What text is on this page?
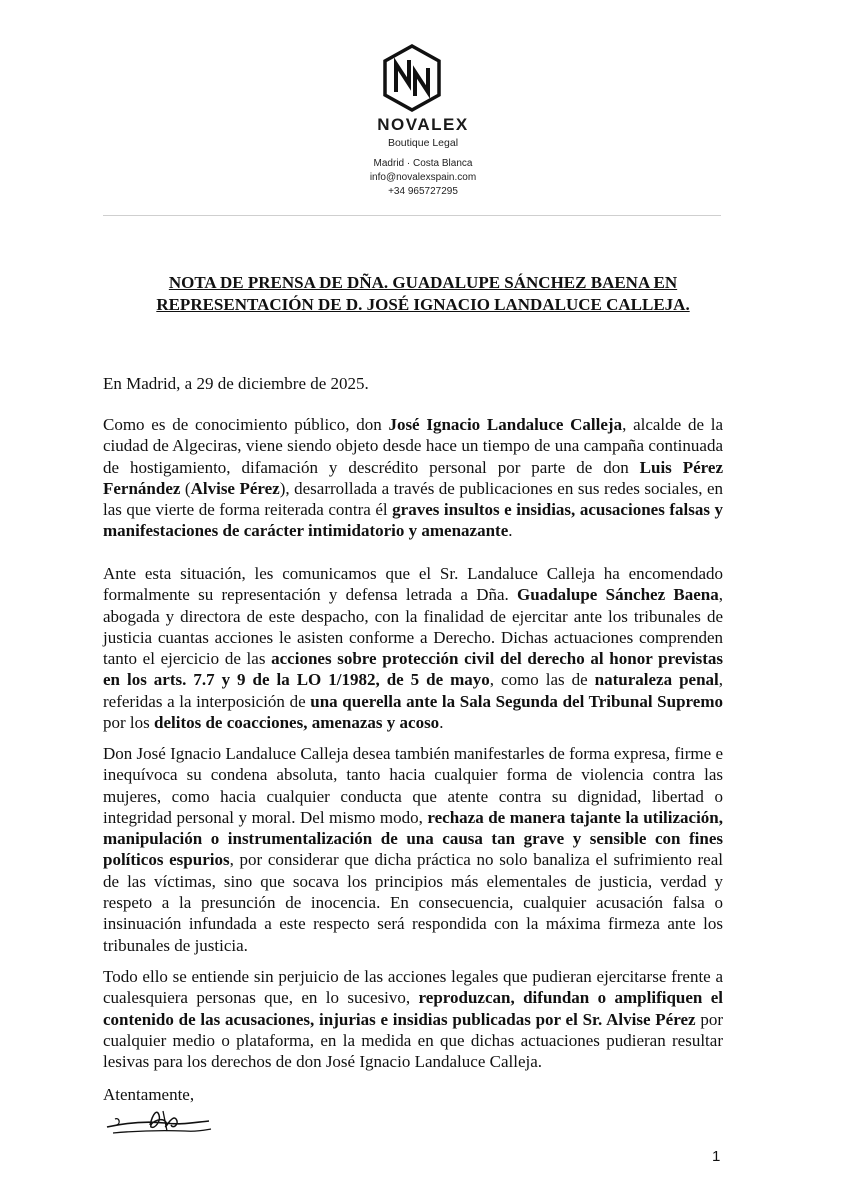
NOVALEX
Boutique Legal
Madrid · Costa Blanca
info@novalexspain.com
+34 965727295
NOTA DE PRENSA DE DÑA. GUADALUPE SÁNCHEZ BAENA EN
REPRESENTACIÓN DE D. JOSÉ IGNACIO LANDALUCE CALLEJA.
En Madrid, a 29 de diciembre de 2025.

Como es de conocimiento público, don José Ignacio Landaluce Calleja, alcalde de la ciudad de Algeciras, viene siendo objeto desde hace un tiempo de una campaña continuada de hostigamiento, difamación y descrédito personal por parte de don Luis Pérez Fernández (Alvise Pérez), desarrollada a través de publicaciones en sus redes sociales, en las que vierte de forma reiterada contra él graves insultos e insidias, acusaciones falsas y manifestaciones de carácter intimidatorio y amenazante.

Ante esta situación, les comunicamos que el Sr. Landaluce Calleja ha encomendado formalmente su representación y defensa letrada a Dña. Guadalupe Sánchez Baena, abogada y directora de este despacho, con la finalidad de ejercitar ante los tribunales de justicia cuantas acciones le asisten conforme a Derecho. Dichas actuaciones comprenden tanto el ejercicio de las acciones sobre protección civil del derecho al honor previstas en los arts. 7.7 y 9 de la LO 1/1982, de 5 de mayo, como las de naturaleza penal, referidas a la interposición de una querella ante la Sala Segunda del Tribunal Supremo por los delitos de coacciones, amenazas y acoso.

Don José Ignacio Landaluce Calleja desea también manifestarles de forma expresa, firme e inequívoca su condena absoluta, tanto hacia cualquier forma de violencia contra las mujeres, como hacia cualquier conducta que atente contra su dignidad, libertad o integridad personal y moral. Del mismo modo, rechaza de manera tajante la utilización, manipulación o instrumentalización de una causa tan grave y sensible con fines políticos espurios, por considerar que dicha práctica no solo banaliza el sufrimiento real de las víctimas, sino que socava los principios más elementales de justicia, verdad y respeto a la presunción de inocencia. En consecuencia, cualquier acusación falsa o insinuación infundada a este respecto será respondida con la máxima firmeza ante los tribunales de justicia.

Todo ello se entiende sin perjuicio de las acciones legales que pudieran ejercitarse frente a cualesquiera personas que, en lo sucesivo, reproduzcan, difundan o amplifiquen el contenido de las acusaciones, injurias e insidias publicadas por el Sr. Alvise Pérez por cualquier medio o plataforma, en la medida en que dichas actuaciones pudieran resultar lesivas para los derechos de don José Ignacio Landaluce Calleja.

Atentamente,
1
